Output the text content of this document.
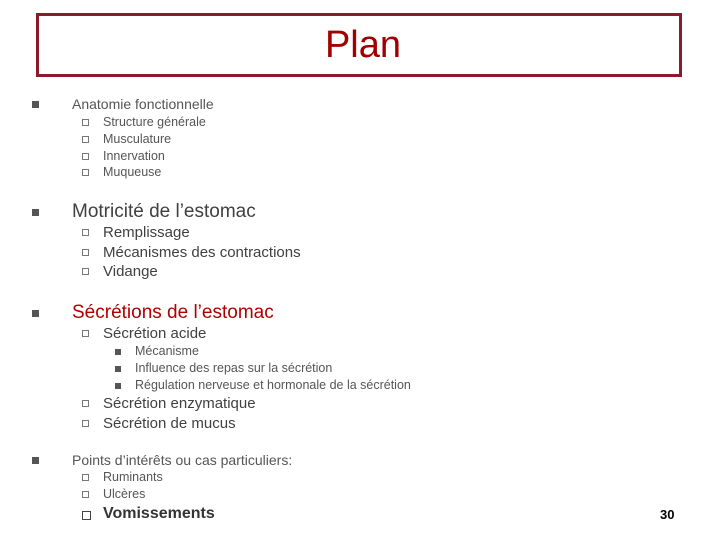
Plan
Anatomie fonctionnelle
Structure générale
Musculature
Innervation
Muqueuse
Motricité de l’estomac
Remplissage
Mécanismes des contractions
Vidange
Sécrétions de l’estomac
Sécrétion acide
Mécanisme
Influence des repas sur la sécrétion
Régulation nerveuse et hormonale de la sécrétion
Sécrétion enzymatique
Sécrétion de mucus
Points d’intérêts ou cas particuliers:
Ruminants
Ulcères
Vomissements	30
